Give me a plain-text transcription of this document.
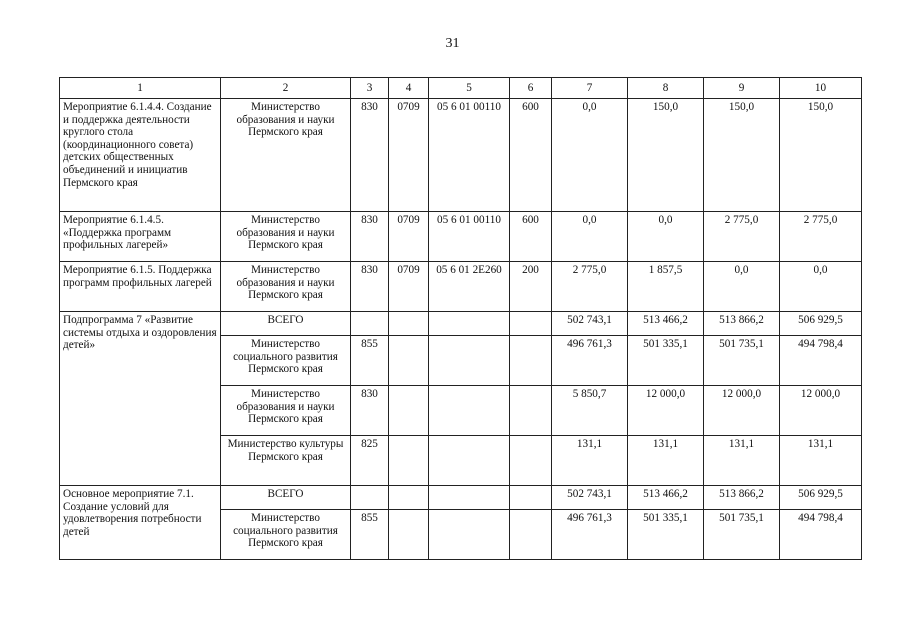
31
1	2	3	4	5	6	7	8	9	10
Мероприятие 6.1.4.4. Создание и поддержка деятельности круглого стола (координационного совета) детских общественных объединений и инициатив Пермского края	Министерство образования и науки Пермского края	830	0709	05 6 01 00110	600	0,0	150,0	150,0	150,0
Мероприятие 6.1.4.5. «Поддержка программ профильных лагерей»	Министерство образования и науки Пермского края	830	0709	05 6 01 00110	600	0,0	0,0	2 775,0	2 775,0
Мероприятие 6.1.5. Поддержка программ профильных лагерей	Министерство образования и науки Пермского края	830	0709	05 6 01 2Е260	200	2 775,0	1 857,5	0,0	0,0
Подпрограмма 7 «Развитие системы отдыха и оздоровления детей»	ВСЕГО					502 743,1	513 466,2	513 866,2	506 929,5
	Министерство социального развития Пермского края	855				496 761,3	501 335,1	501 735,1	494 798,4
	Министерство образования и науки Пермского края	830				5 850,7	12 000,0	12 000,0	12 000,0
	Министерство культуры Пермского края	825				131,1	131,1	131,1	131,1
Основное мероприятие 7.1. Создание условий для удовлетворения потребности детей	ВСЕГО					502 743,1	513 466,2	513 866,2	506 929,5
	Министерство социального развития Пермского края	855				496 761,3	501 335,1	501 735,1	494 798,4
